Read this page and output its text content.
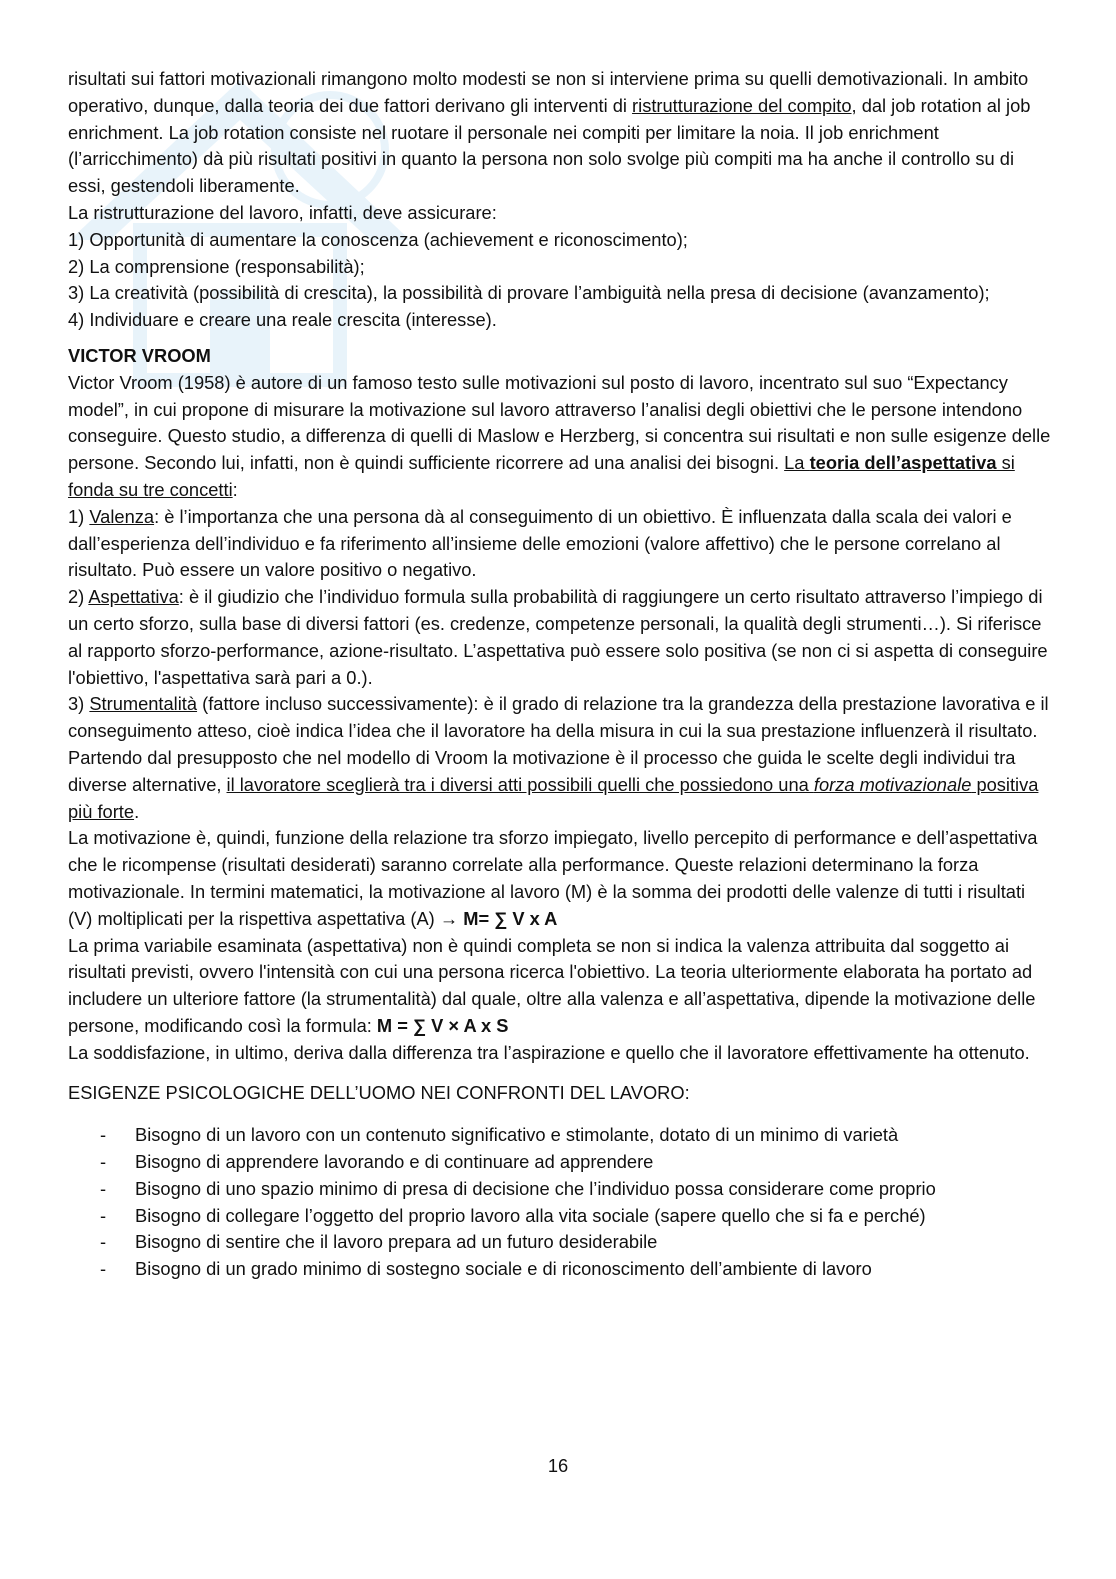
risultati sui fattori motivazionali rimangono molto modesti se non si interviene prima su quelli demotivazionali. In ambito operativo, dunque, dalla teoria dei due fattori derivano gli interventi di ristrutturazione del compito, dal job rotation al job enrichment. La job rotation consiste nel ruotare il personale nei compiti per limitare la noia. Il job enrichment (l’arricchimento) dà più risultati positivi in quanto la persona non solo svolge più compiti ma ha anche il controllo su di essi, gestendoli liberamente.

La ristrutturazione del lavoro, infatti, deve assicurare:

1) Opportunità di aumentare la conoscenza (achievement e riconoscimento);

2) La comprensione (responsabilità);

3) La creatività (possibilità di crescita), la possibilità di provare l’ambiguità nella presa di decisione (avanzamento);

4) Individuare e creare una reale crescita (interesse).

VICTOR VROOM

Victor Vroom (1958) è autore di un famoso testo sulle motivazioni sul posto di lavoro, incentrato sul suo “Expectancy model”, in cui propone di misurare la motivazione sul lavoro attraverso l’analisi degli obiettivi che le persone intendono conseguire. Questo studio, a differenza di quelli di Maslow e Herzberg, si concentra sui risultati e non sulle esigenze delle persone. Secondo lui, infatti, non è quindi sufficiente ricorrere ad una analisi dei bisogni. La teoria dell’aspettativa si fonda su tre concetti:

1) Valenza: è l’importanza che una persona dà al conseguimento di un obiettivo. È influenzata dalla scala dei valori e dall’esperienza dell’individuo e fa riferimento all’insieme delle emozioni (valore affettivo) che le persone correlano al risultato. Può essere un valore positivo o negativo.

2) Aspettativa: è il giudizio che l’individuo formula sulla probabilità di raggiungere un certo risultato attraverso l’impiego di un certo sforzo, sulla base di diversi fattori (es. credenze, competenze personali, la qualità degli strumenti…). Si riferisce al rapporto sforzo-performance, azione-risultato. L’aspettativa può essere solo positiva (se non ci si aspetta di conseguire l'obiettivo, l'aspettativa sarà pari a 0.).

3) Strumentalità (fattore incluso successivamente): è il grado di relazione tra la grandezza della prestazione lavorativa e il conseguimento atteso, cioè indica l’idea che il lavoratore ha della misura in cui la sua prestazione influenzerà il risultato.

Partendo dal presupposto che nel modello di Vroom la motivazione è il processo che guida le scelte degli individui tra diverse alternative, il lavoratore sceglierà tra i diversi atti possibili quelli che possiedono una forza motivazionale positiva più forte.

La motivazione è, quindi, funzione della relazione tra sforzo impiegato, livello percepito di performance e dell’aspettativa che le ricompense (risultati desiderati) saranno correlate alla performance. Queste relazioni determinano la forza motivazionale. In termini matematici, la motivazione al lavoro (M) è la somma dei prodotti delle valenze di tutti i risultati (V) moltiplicati per la rispettiva aspettativa (A) → M= ∑ V x A

La prima variabile esaminata (aspettativa) non è quindi completa se non si indica la valenza attribuita dal soggetto ai risultati previsti, ovvero l'intensità con cui una persona ricerca l'obiettivo. La teoria ulteriormente elaborata ha portato ad includere un ulteriore fattore (la strumentalità) dal quale, oltre alla valenza e all’aspettativa, dipende la motivazione delle persone, modificando così la formula: M = ∑ V × A x S

La soddisfazione, in ultimo, deriva dalla differenza tra l’aspirazione e quello che il lavoratore effettivamente ha ottenuto.

ESIGENZE PSICOLOGICHE DELL’UOMO NEI CONFRONTI DEL LAVORO:

- Bisogno di un lavoro con un contenuto significativo e stimolante, dotato di un minimo di varietà
- Bisogno di apprendere lavorando e di continuare ad apprendere
- Bisogno di uno spazio minimo di presa di decisione che l’individuo possa considerare come proprio
- Bisogno di collegare l’oggetto del proprio lavoro alla vita sociale (sapere quello che si fa e perché)
- Bisogno di sentire che il lavoro prepara ad un futuro desiderabile
- Bisogno di un grado minimo di sostegno sociale e di riconoscimento dell’ambiente di lavoro
16
